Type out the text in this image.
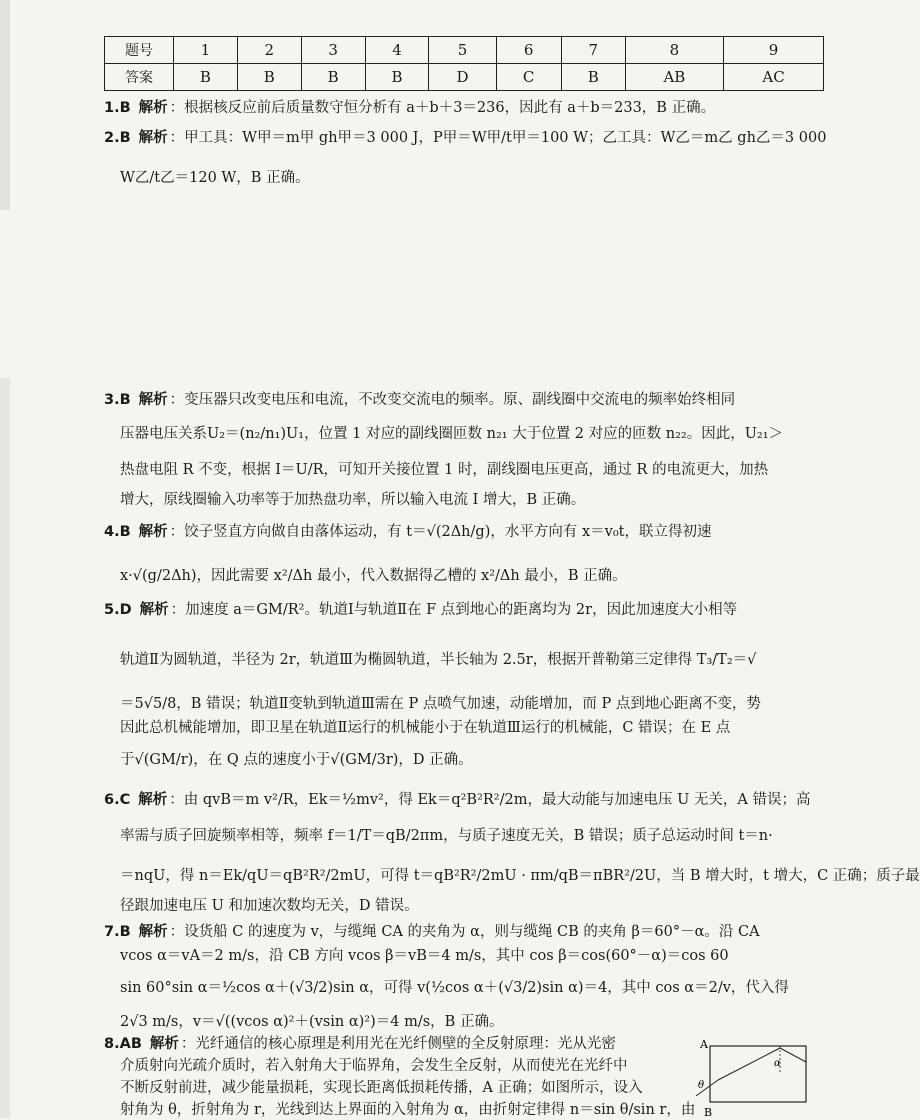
题号	1	2	3	4	5	6	7	8	9
答案	B	B	B	B	D	C	B	AB	AC
1.B 解析 ：根据核反应前后质量数守恒分析有 a＋b＋3＝236，因此有 a＋b＝233，B 正确。
2.B 解析 ：甲工具：W甲＝m甲 gh甲＝3 000 J，P甲＝W甲/t甲＝100 W；乙工具：W乙＝m乙 gh乙＝3 000
W乙/t乙＝120 W，B 正确。
3.B 解析 ：变压器只改变电压和电流，不改变交流电的频率。原、副线圈中交流电的频率始终相同
压器电压关系U₂＝(n₂/n₁)U₁，位置 1 对应的副线圈匝数 n₂₁ 大于位置 2 对应的匝数 n₂₂。因此，U₂₁＞
热盘电阻 R 不变，根据 I＝U/R，可知开关接位置 1 时，副线圈电压更高，通过 R 的电流更大，加热
增大，原线圈输入功率等于加热盘功率，所以输入电流 I 增大，B 正确。
4.B 解析 ：饺子竖直方向做自由落体运动，有 t＝√(2Δh/g)，水平方向有 x＝v₀t，联立得初速
x·√(g/2Δh)，因此需要 x²/Δh 最小，代入数据得乙槽的 x²/Δh 最小，B 正确。
5.D 解析 ：加速度 a＝GM/R²。轨道Ⅰ与轨道Ⅱ在 F 点到地心的距离均为 2r，因此加速度大小相等
轨道Ⅱ为圆轨道，半径为 2r，轨道Ⅲ为椭圆轨道，半长轴为 2.5r，根据开普勒第三定律得 T₃/T₂＝√
＝5√5/8，B 错误；轨道Ⅱ变轨到轨道Ⅲ需在 P 点喷气加速，动能增加，而 P 点到地心距离不变，势
因此总机械能增加，即卫星在轨道Ⅱ运行的机械能小于在轨道Ⅲ运行的机械能，C 错误；在 E 点
于√(GM/r)，在 Q 点的速度小于√(GM/3r)，D 正确。
6.C 解析 ：由 qvB＝m v²/R，Ek＝½mv²，得 Ek＝q²B²R²/2m，最大动能与加速电压 U 无关，A 错误；高
率需与质子回旋频率相等，频率 f＝1/T＝qB/2πm，与质子速度无关，B 错误；质子总运动时间 t＝n·
＝nqU，得 n＝Ek/qU＝qB²R²/2mU，可得 t＝qB²R²/2mU · πm/qB＝πBR²/2U，当 B 增大时，t 增大，C 正确；质子最
径跟加速电压 U 和加速次数均无关，D 错误。
7.B 解析 ：设货船 C 的速度为 v，与缆绳 CA 的夹角为 α，则与缆绳 CB 的夹角 β＝60°－α。沿 CA
vcos α＝vA＝2 m/s，沿 CB 方向 vcos β＝vB＝4 m/s，其中 cos β＝cos(60°－α)＝cos 60
sin 60°sin α＝½cos α＋(√3/2)sin α，可得 v(½cos α＋(√3/2)sin α)＝4，其中 cos α＝2/v，代入得
2√3 m/s，v＝√((vcos α)²＋(vsin α)²)＝4 m/s，B 正确。
8.AB 解析 ：光纤通信的核心原理是利用光在光纤侧壁的全反射原理：光从光密
介质射向光疏介质时，若入射角大于临界角，会发生全反射，从而使光在光纤中
不断反射前进，减少能量损耗，实现长距离低损耗传播，A 正确；如图所示，设入
射角为 θ，折射角为 r，光线到达上界面的入射角为 α，由折射定律得 n＝sin θ/sin r，由
A
B
θ
α
